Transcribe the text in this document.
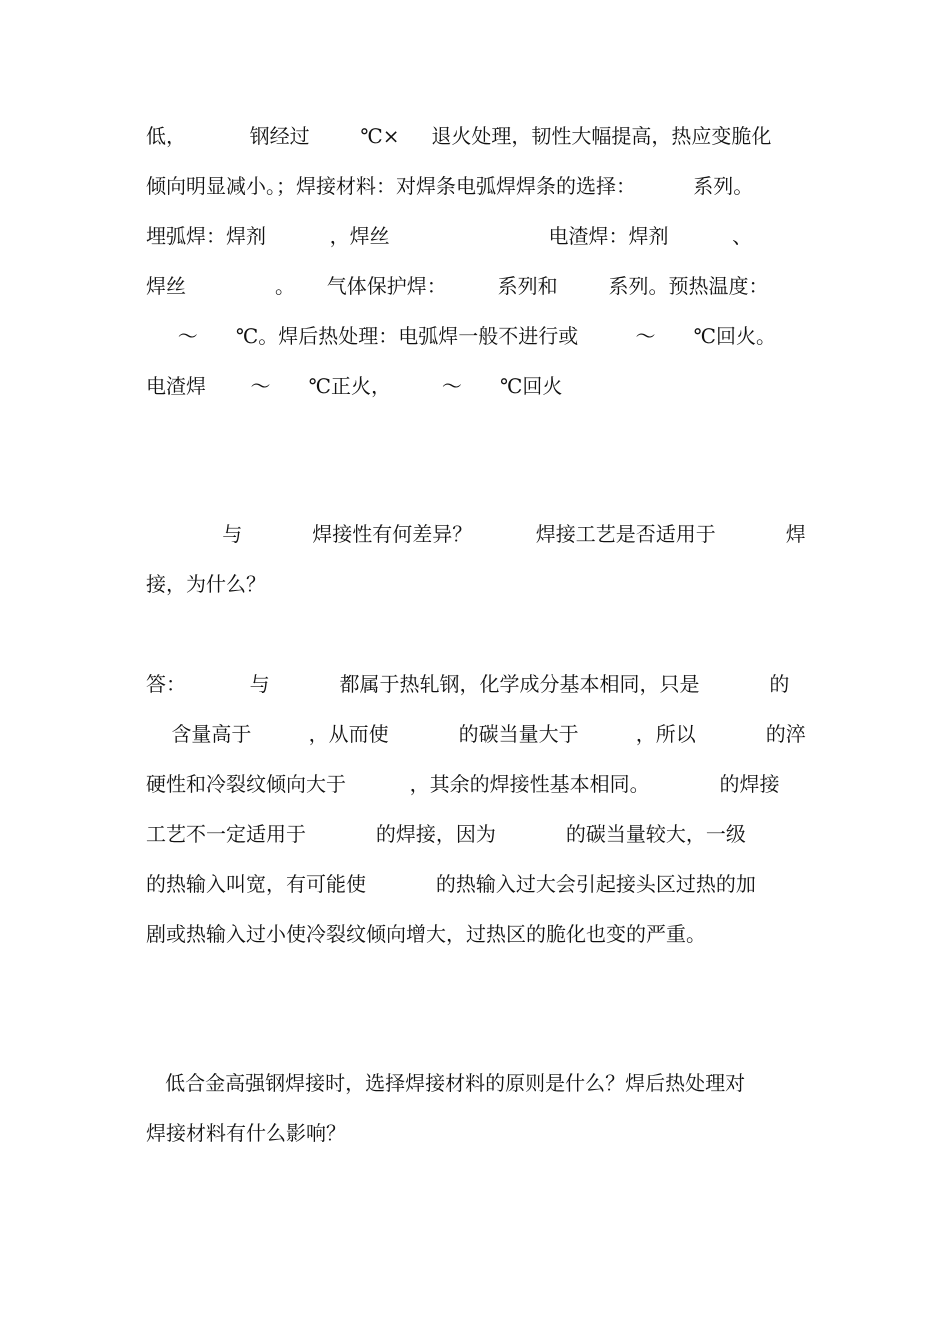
低，          钢经过        ℃×     退火处理，韧性大幅提高，热应变脆化
倾向明显减小。；焊接材料：对焊条电弧焊焊条的选择：         系列。
埋弧焊：焊剂          ，焊丝                         电渣焊：焊剂          、
焊丝              。     气体保护焊：        系列和        系列。预热温度：
～      ℃。焊后热处理：电弧焊一般不进行或         ～      ℃回火。
电渣焊       ～      ℃正火，        ～      ℃回火
与           焊接性有何差异？          焊接工艺是否适用于           焊
接，为什么？
答：          与           都属于热轧钢，化学成分基本相同，只是           的
含量高于         ，从而使           的碳当量大于         ，所以           的淬
硬性和冷裂纹倾向大于          ，其余的焊接性基本相同。           的焊接
工艺不一定适用于           的焊接，因为           的碳当量较大，一级
的热输入叫宽，有可能使           的热输入过大会引起接头区过热的加
剧或热输入过小使冷裂纹倾向增大，过热区的脆化也变的严重。
低合金高强钢焊接时，选择焊接材料的原则是什么？焊后热处理对
焊接材料有什么影响？
